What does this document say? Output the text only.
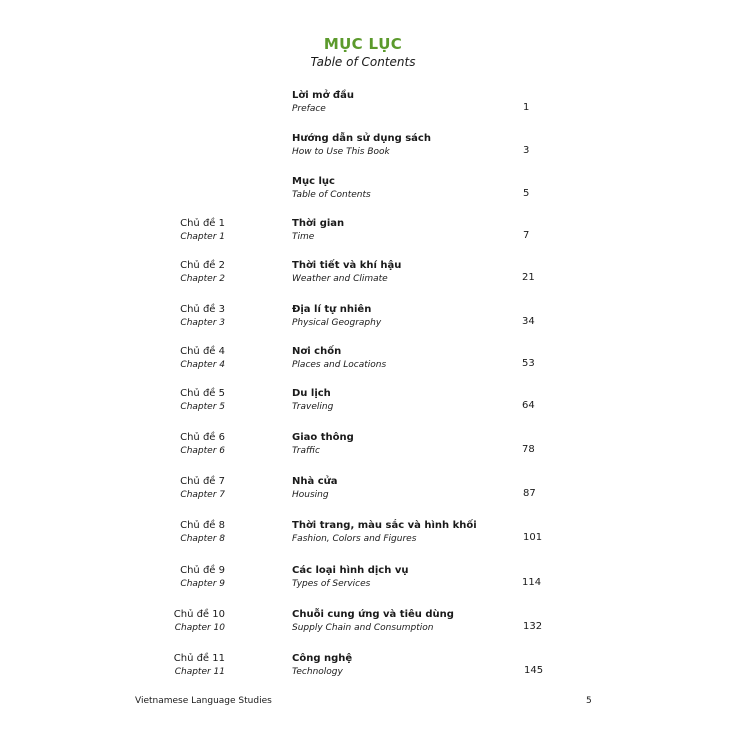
MỤC LỤC
Table of Contents
Lời mở đầu
Preface	1
Hướng dẫn sử dụng sách
How to Use This Book	3
Mục lục
Table of Contents	5
Chủ đề 1
Chapter 1
Thời gian
Time	7
Chủ đề 2
Chapter 2
Thời tiết và khí hậu
Weather and Climate	21
Chủ đề 3
Chapter 3
Địa lí tự nhiên
Physical Geography	34
Chủ đề 4
Chapter 4
Nơi chốn
Places and Locations	53
Chủ đề 5
Chapter 5
Du lịch
Traveling	64
Chủ đề 6
Chapter 6
Giao thông
Traffic	78
Chủ đề 7
Chapter 7
Nhà cửa
Housing	87
Chủ đề 8
Chapter 8
Thời trang, màu sắc và hình khối
Fashion, Colors and Figures	101
Chủ đề 9
Chapter 9
Các loại hình dịch vụ
Types of Services	114
Chủ đề 10
Chapter 10
Chuỗi cung ứng và tiêu dùng
Supply Chain and Consumption	132
Chủ đề 11
Chapter 11
Công nghệ
Technology	145
Vietnamese Language Studies	5
